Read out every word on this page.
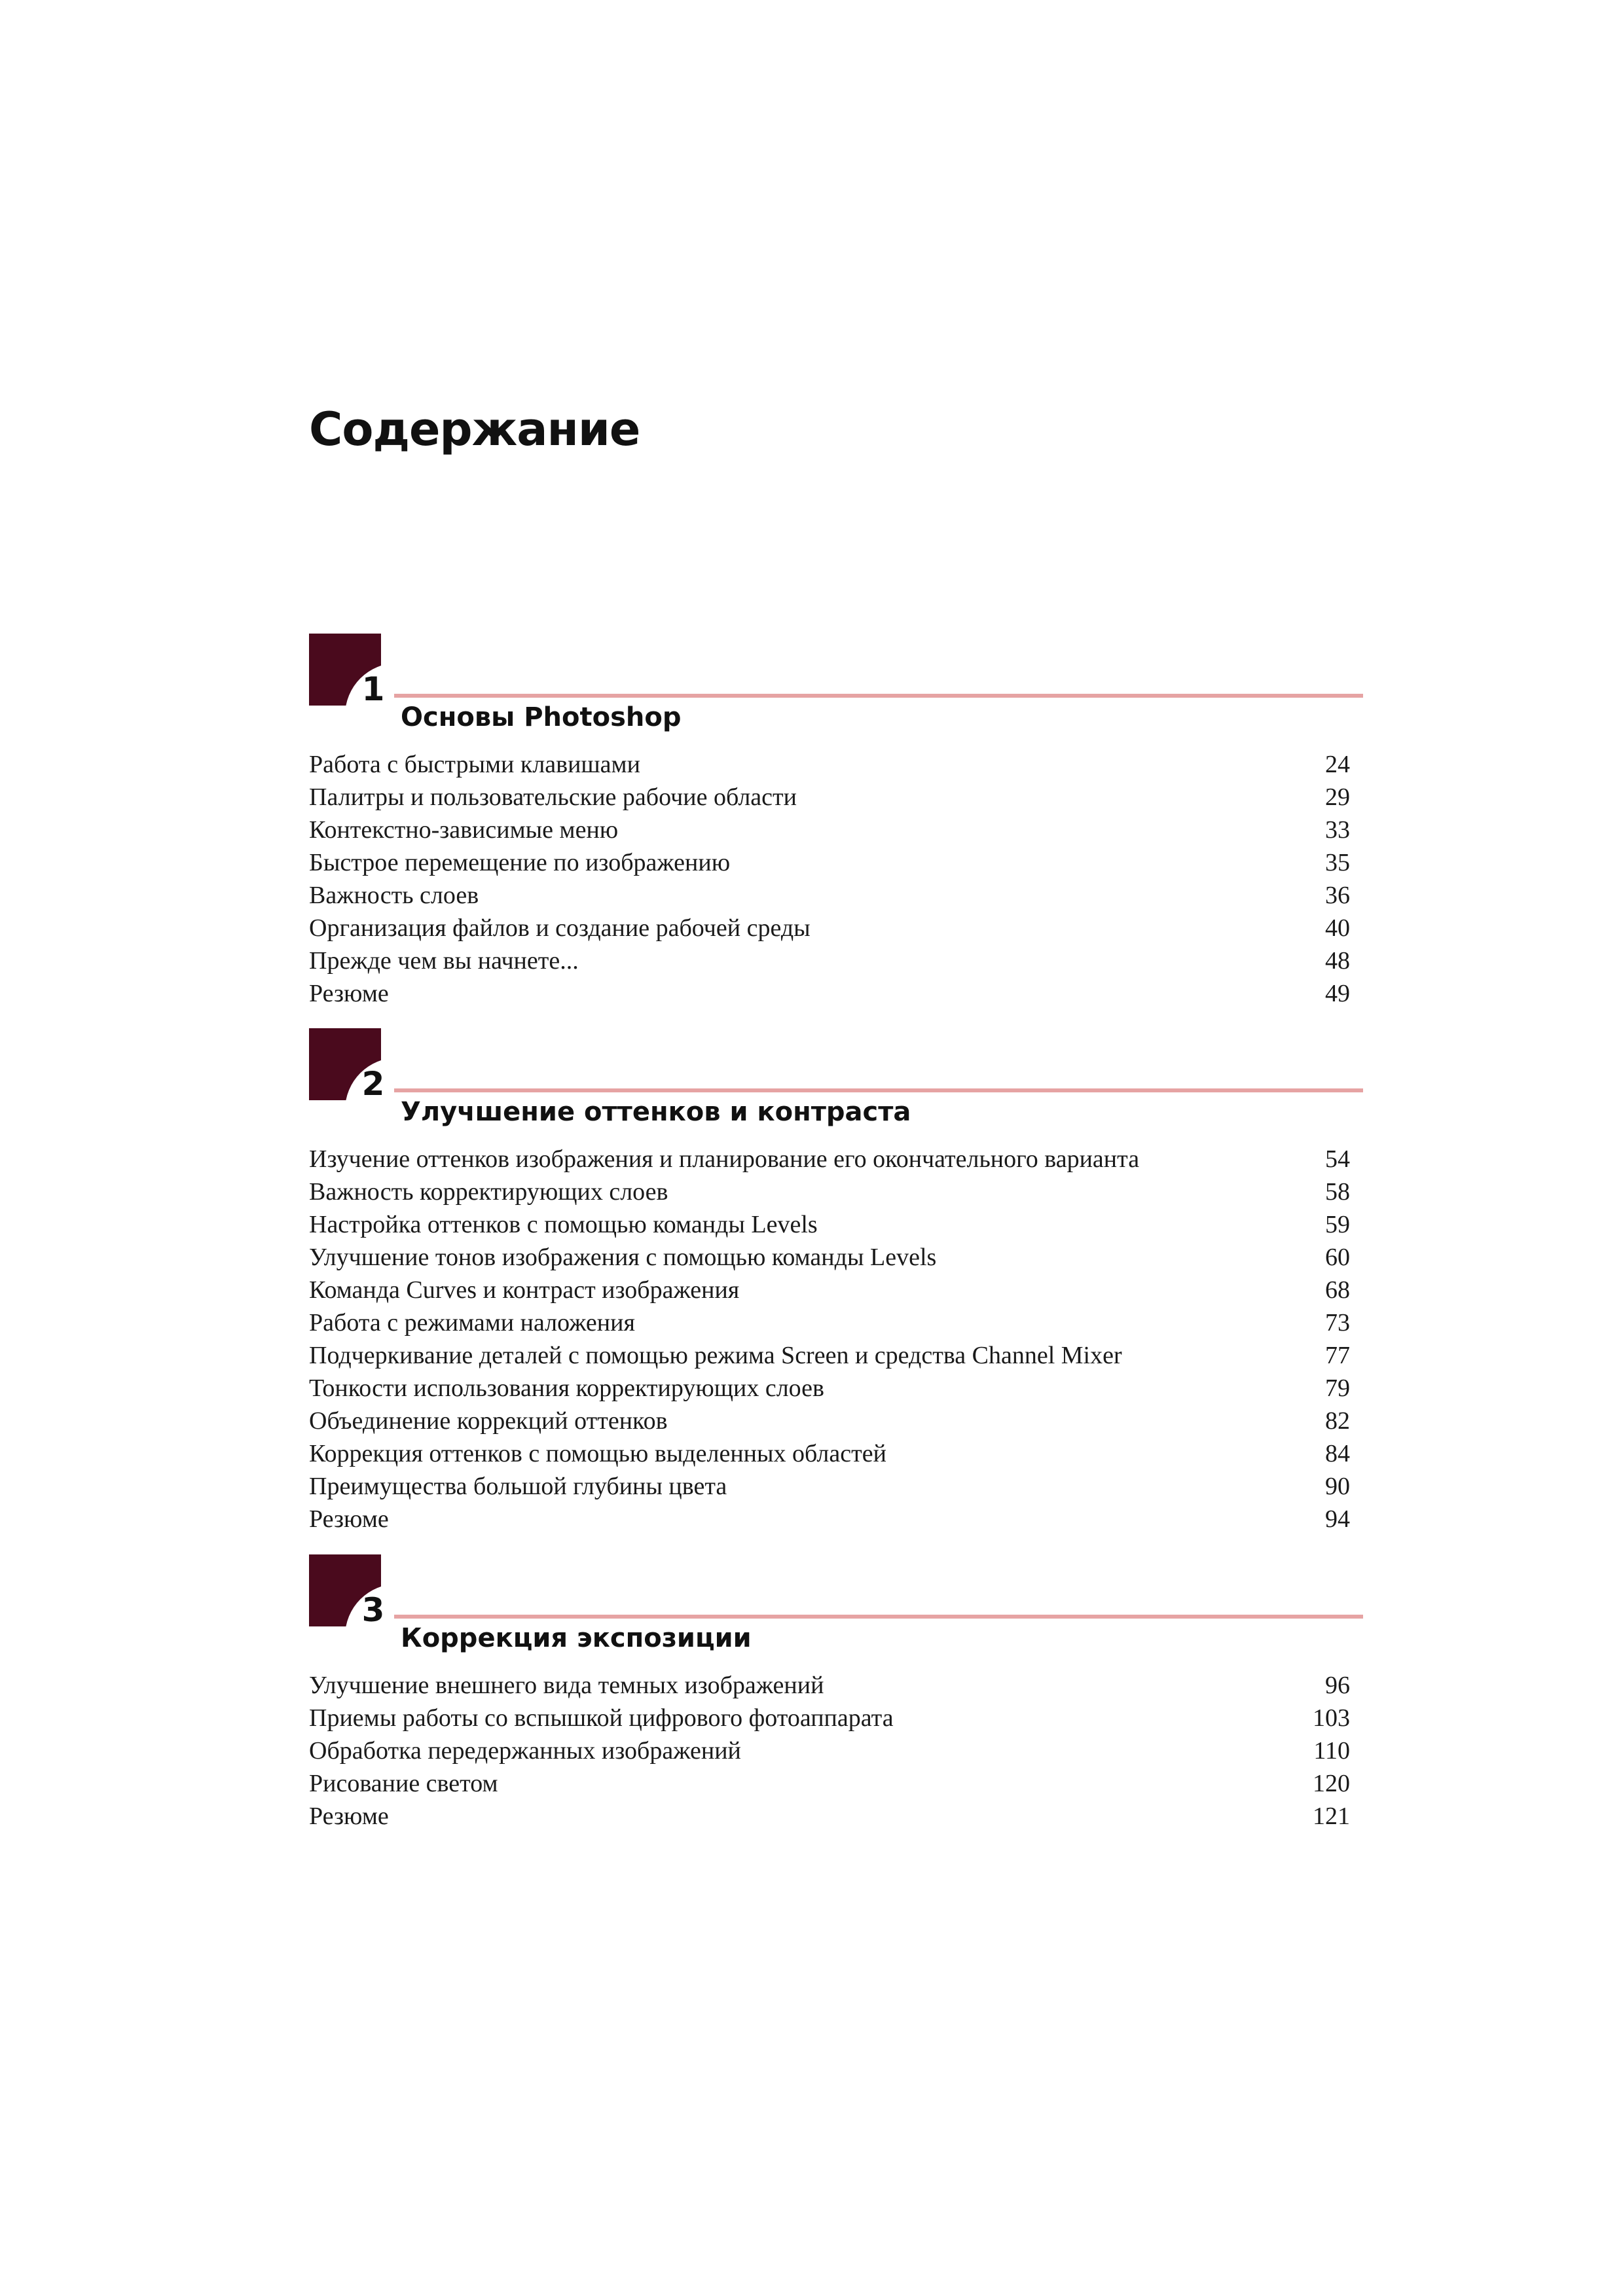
Содержание
1
Основы Photoshop
Работа с быстрыми клавишами	24
Палитры и пользовательские рабочие области	29
Контекстно-зависимые меню	33
Быстрое перемещение по изображению	35
Важность слоев	36
Организация файлов и создание рабочей среды	40
Прежде чем вы начнете...	48
Резюме	49
2
Улучшение оттенков и контраста
Изучение оттенков изображения и планирование его окончательного варианта	54
Важность корректирующих слоев	58
Настройка оттенков с помощью команды Levels	59
Улучшение тонов изображения с помощью команды Levels	60
Команда Curves и контраст изображения	68
Работа с режимами наложения	73
Подчеркивание деталей с помощью режима Screen и средства Channel Mixer	77
Тонкости использования корректирующих слоев	79
Объединение коррекций оттенков	82
Коррекция оттенков с помощью выделенных областей	84
Преимущества большой глубины цвета	90
Резюме	94
3
Коррекция экспозиции
Улучшение внешнего вида темных изображений	96
Приемы работы со вспышкой цифрового фотоаппарата	103
Обработка передержанных изображений	110
Рисование светом	120
Резюме	121
